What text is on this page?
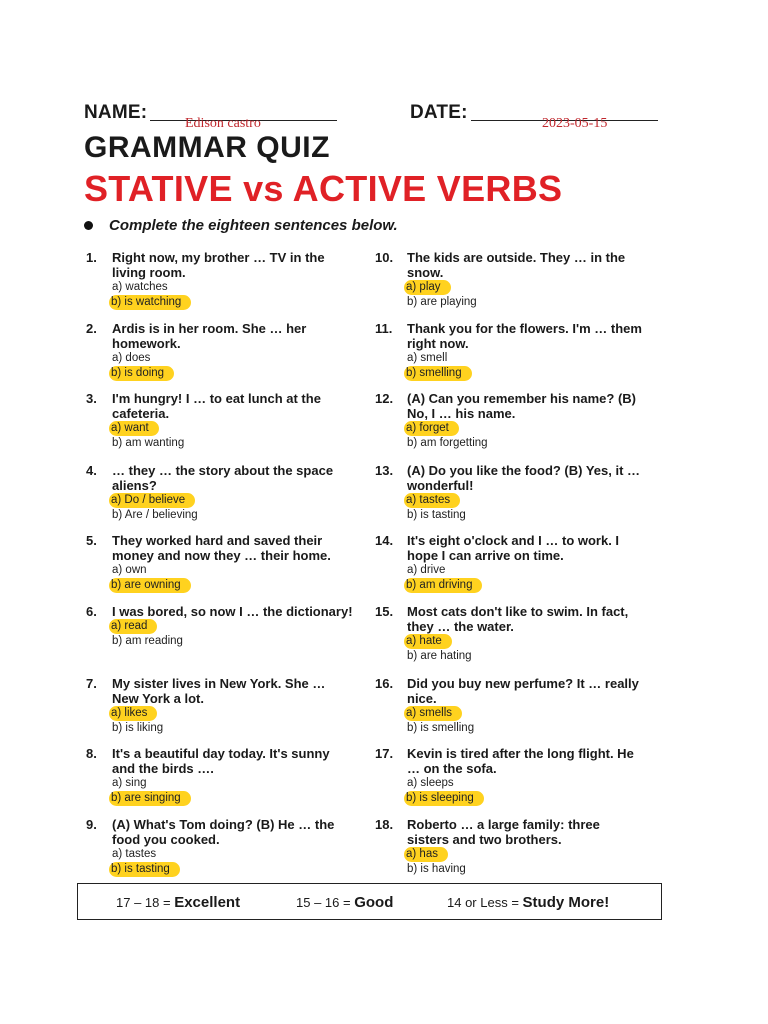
NAME:
Edison castro
DATE:
2023-05-15
GRAMMAR QUIZ
STATIVE vs ACTIVE VERBS
Complete the eighteen sentences below.
1. Right now, my brother … TV in the living room.
a) watches
b) is watching
2. Ardis is in her room. She … her homework.
a) does
b) is doing
3. I'm hungry! I … to eat lunch at the cafeteria.
a) want
b) am wanting
4. … they … the story about the space aliens?
a) Do / believe
b) Are / believing
5. They worked hard and saved their money and now they … their home.
a) own
b) are owning
6. I was bored, so now I … the dictionary!
a) read
b) am reading
7. My sister lives in New York. She … New York a lot.
a) likes
b) is liking
8. It's a beautiful day today. It's sunny and the birds ….
a) sing
b) are singing
9. (A) What's Tom doing? (B) He … the food you cooked.
a) tastes
b) is tasting
10. The kids are outside. They … in the snow.
a) play
b) are playing
11. Thank you for the flowers. I'm … them right now.
a) smell
b) smelling
12. (A) Can you remember his name? (B) No, I … his name.
a) forget
b) am forgetting
13. (A) Do you like the food? (B) Yes, it … wonderful!
a) tastes
b) is tasting
14. It's eight o'clock and I … to work. I hope I can arrive on time.
a) drive
b) am driving
15. Most cats don't like to swim. In fact, they … the water.
a) hate
b) are hating
16. Did you buy new perfume? It … really nice.
a) smells
b) is smelling
17. Kevin is tired after the long flight. He … on the sofa.
a) sleeps
b) is sleeping
18. Roberto … a large family: three sisters and two brothers.
a) has
b) is having
17 – 18 = Excellent	15 – 16 = Good	14 or Less = Study More!
